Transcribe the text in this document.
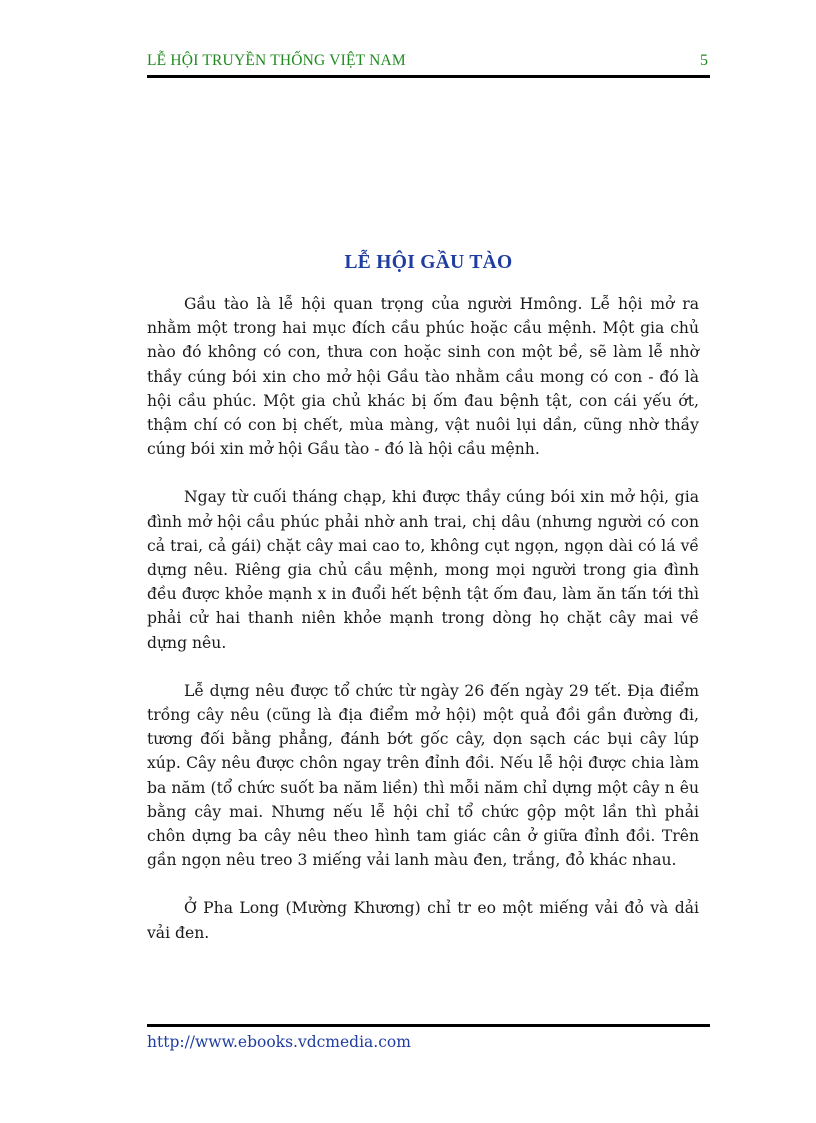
LỄ HỘI TRUYỀN THỐNG VIỆT NAM	5
LỄ HỘI GẦU TÀO

Gầu tào là lễ hội quan trọng của người Hmông. Lễ hội mở ra nhằm một trong hai mục đích cầu phúc hoặc cầu mệnh. Một gia chủ nào đó không có con, thưa con hoặc sinh con một bề, sẽ làm lễ nhờ thầy cúng bói xin cho mở hội Gầu tào nhằm cầu mong có con - đó là hội cầu phúc. Một gia chủ khác bị ốm đau bệnh tật, con cái yếu ớt, thậm chí có con bị chết, mùa màng, vật nuôi lụi dần, cũng nhờ thầy cúng bói xin mở hội Gầu tào - đó là hội cầu mệnh.

Ngay từ cuối tháng chạp, khi được thầy cúng bói xin mở hội, gia đình mở hội cầu phúc phải nhờ anh trai, chị dâu (nhưng người có con cả trai, cả gái) chặt cây mai cao to, không cụt ngọn, ngọn dài có lá về dựng nêu. Riêng gia chủ cầu mệnh, mong mọi người trong gia đình đều được khỏe mạnh x in đuổi hết bệnh tật ốm đau, làm ăn tấn tới thì phải cử hai thanh niên khỏe mạnh trong dòng họ chặt cây mai về dựng nêu.

Lễ dựng nêu được tổ chức từ ngày 26 đến ngày 29 tết. Địa điểm trồng cây nêu (cũng là địa điểm mở hội) một quả đồi gần đường đi, tương đối bằng phẳng, đánh bớt gốc cây, dọn sạch các bụi cây lúp xúp. Cây nêu được chôn ngay trên đỉnh đồi. Nếu lễ hội được chia làm ba năm (tổ chức suốt ba năm liền) thì mỗi năm chỉ dựng một cây n êu bằng cây mai. Nhưng nếu lễ hội chỉ tổ chức gộp một lần thì phải chôn dựng ba cây nêu theo hình tam giác cân ở giữa đỉnh đồi. Trên gần ngọn nêu treo 3 miếng vải lanh màu đen, trắng, đỏ khác nhau.

Ở Pha Long (Mường Khương) chỉ tr eo một miếng vải đỏ và dải vải đen.

http://www.ebooks.vdcmedia.com
